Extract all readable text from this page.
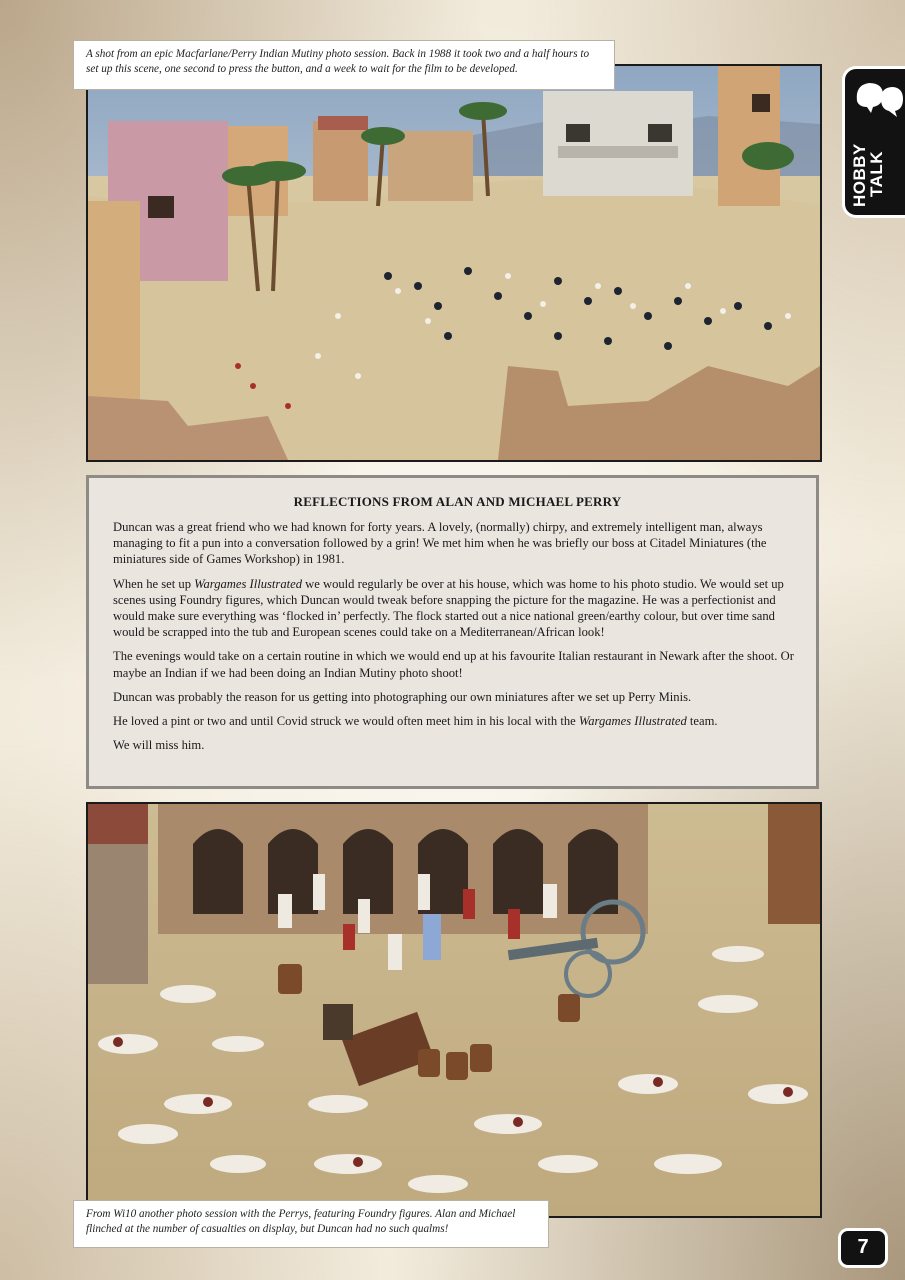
A shot from an epic Macfarlane/Perry Indian Mutiny photo session. Back in 1988 it took two and a half hours to set up this scene, one second to press the button, and a week to wait for the film to be developed.
HOBBY
TALK
REFLECTIONS FROM ALAN AND MICHAEL PERRY

Duncan was a great friend who we had known for forty years. A lovely, (normally) chirpy, and extremely intelligent man, always managing to fit a pun into a conversation followed by a grin! We met him when he was briefly our boss at Citadel Miniatures (the miniatures side of Games Workshop) in 1981.

When he set up Wargames Illustrated we would regularly be over at his house, which was home to his photo studio. We would set up scenes using Foundry figures, which Duncan would tweak before snapping the picture for the magazine. He was a perfectionist and would make sure everything was ‘flocked in’ perfectly. The flock started out a nice national green/earthy colour, but over time sand would be scrapped into the tub and European scenes could take on a Mediterranean/African look!

The evenings would take on a certain routine in which we would end up at his favourite Italian restaurant in Newark after the shoot. Or maybe an Indian if we had been doing an Indian Mutiny photo shoot!

Duncan was probably the reason for us getting into photographing our own miniatures after we set up Perry Minis.

He loved a pint or two and until Covid struck we would often meet him in his local with the Wargames Illustrated team.

We will miss him.

From Wi10 another photo session with the Perrys, featuring Foundry figures. Alan and Michael flinched at the number of casualties on display, but Duncan had no such qualms!
7
